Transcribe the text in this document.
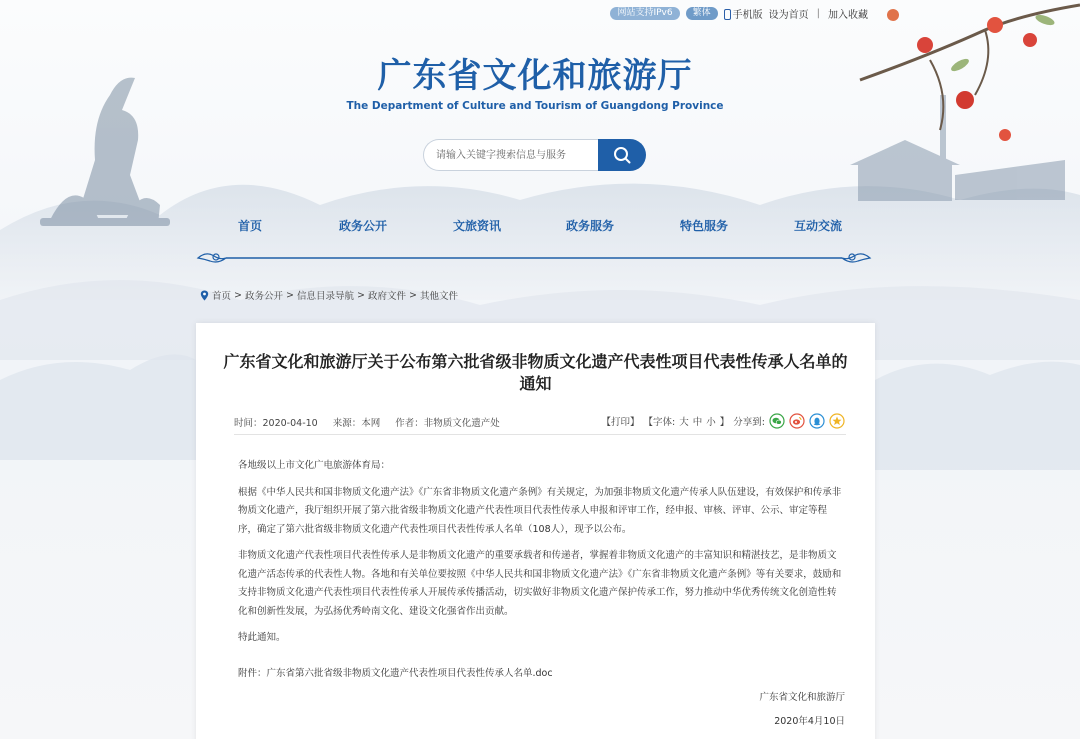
网站支持IPv6	繁体	手机版 设为首页 | 加入收藏
广东省文化和旅游厅
The Department of Culture and Tourism of Guangdong Province
请输入关键字搜索信息与服务
首页	政务公开	文旅资讯	政务服务	特色服务	互动交流
首页 > 政务公开 > 信息目录导航 > 政府文件 > 其他文件
广东省文化和旅游厅关于公布第六批省级非物质文化遗产代表性项目代表性传承人名单的通知
时间：2020-04-10 来源：本网 作者：非物质文化遗产处	【打印】 【字体: 大 中 小 】 分享到:

各地级以上市文化广电旅游体育局：

根据《中华人民共和国非物质文化遗产法》《广东省非物质文化遗产条例》有关规定，为加强非物质文化遗产传承人队伍建设，有效保护和传承非物质文化遗产，我厅组织开展了第六批省级非物质文化遗产代表性项目代表性传承人申报和评审工作，经申报、审核、评审、公示、审定等程序，确定了第六批省级非物质文化遗产代表性项目代表性传承人名单（108人），现予以公布。

非物质文化遗产代表性项目代表性传承人是非物质文化遗产的重要承载者和传递者，掌握着非物质文化遗产的丰富知识和精湛技艺，是非物质文化遗产活态传承的代表性人物。各地和有关单位要按照《中华人民共和国非物质文化遗产法》《广东省非物质文化遗产条例》等有关要求，鼓励和支持非物质文化遗产代表性项目代表性传承人开展传承传播活动，切实做好非物质文化遗产保护传承工作，努力推动中华优秀传统文化创造性转化和创新性发展，为弘扬优秀岭南文化、建设文化强省作出贡献。

特此通知。

附件：广东省第六批省级非物质文化遗产代表性项目代表性传承人名单.doc
广东省文化和旅游厅
2020年4月10日
